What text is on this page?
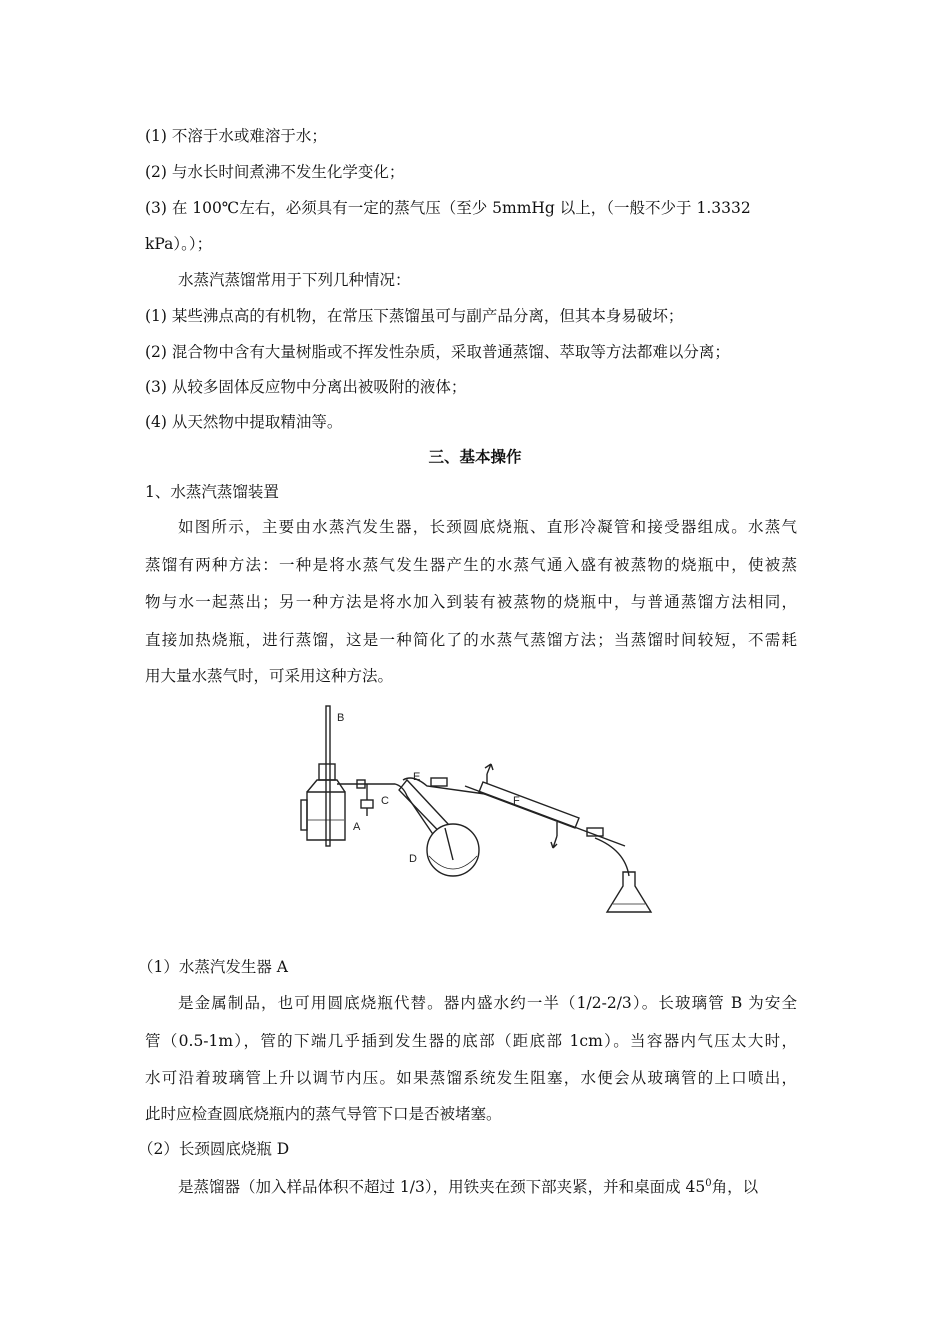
(1) 不溶于水或难溶于水；
(2) 与水长时间煮沸不发生化学变化；
(3) 在 100℃左右，必须具有一定的蒸气压（至少 5mmHg 以上，（一般不少于 1.3332
kPa）。）；
水蒸汽蒸馏常用于下列几种情况：
(1) 某些沸点高的有机物，在常压下蒸馏虽可与副产品分离，但其本身易破坏；
(2) 混合物中含有大量树脂或不挥发性杂质，采取普通蒸馏、萃取等方法都难以分离；
(3) 从较多固体反应物中分离出被吸附的液体；
(4) 从天然物中提取精油等。
三、基本操作
1、水蒸汽蒸馏装置
如图所示，主要由水蒸汽发生器，长颈圆底烧瓶、直形冷凝管和接受器组成。水蒸气
蒸馏有两种方法：一种是将水蒸气发生器产生的水蒸气通入盛有被蒸物的烧瓶中，使被蒸
物与水一起蒸出；另一种方法是将水加入到装有被蒸物的烧瓶中，与普通蒸馏方法相同，
直接加热烧瓶，进行蒸馏，这是一种简化了的水蒸气蒸馏方法；当蒸馏时间较短，不需耗
用大量水蒸气时，可采用这种方法。
B
A
C
E
D
F
（1）水蒸汽发生器 A
是金属制品，也可用圆底烧瓶代替。器内盛水约一半（1/2-2/3）。长玻璃管 B 为安全
管（0.5-1m），管的下端几乎插到发生器的底部（距底部 1cm）。当容器内气压太大时，
水可沿着玻璃管上升以调节内压。如果蒸馏系统发生阻塞，水便会从玻璃管的上口喷出，
此时应检查圆底烧瓶内的蒸气导管下口是否被堵塞。
（2）长颈圆底烧瓶 D
是蒸馏器（加入样品体积不超过 1/3），用铁夹在颈下部夹紧，并和桌面成 $45^0$角，以
